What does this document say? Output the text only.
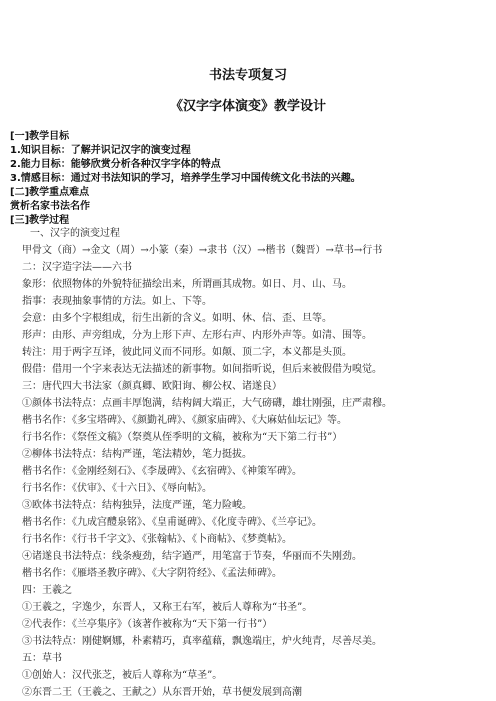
书法专项复习
《汉字字体演变》教学设计
[一]教学目标
1.知识目标：了解并识记汉字的演变过程
2.能力目标：能够欣赏分析各种汉字字体的特点
3.情感目标：通过对书法知识的学习，培养学生学习中国传统文化书法的兴趣。
[二]教学重点难点
赏析名家书法名作
[三]教学过程
一、汉字的演变过程
甲骨文（商）→金文（周）→小篆（秦）→隶书（汉）→楷书（魏晋）→草书→行书
二：汉字造字法——六书
象形：依照物体的外貌特征描绘出来，所谓画其成物。如日、月、山、马。
指事：表现抽象事情的方法。如上、下等。
会意：由多个字根组成，衍生出新的含义。如明、休、信、歪、旦等。
形声：由形、声旁组成，分为上形下声、左形右声、内形外声等。如清、围等。
转注：用于两字互译，彼此同义而不同形。如颠、顶二字，本义都是头顶。
假借：借用一个字来表达无法描述的新事物。如间指听说，但后来被假借为嗅觉。
三：唐代四大书法家（颜真卿、欧阳询、柳公权、诸遂良）
①颜体书法特点：点画丰厚饱满，结构阔大端正，大气磅礴，雄壮刚强，庄严肃穆。
楷书名作：《多宝塔碑》、《颜勤礼碑》、《颜家庙碑》、《大麻姑仙坛记》等。
行书名作：《祭侄文稿》（祭奠从侄季明的文稿，被称为“天下第二行书”）
②柳体书法特点：结构严谨，笔法精妙，笔力挺拔。
楷书名作：《金刚经刻石》、《李晟碑》、《玄宿碑》、《神策军碑》。
行书名作：《伏审》、《十六日》、《辱向帖》。
③欧体书法特点：结构独异，法度严谨，笔力险峻。
楷书名作：《九成宫醴泉铭》、《皇甫诞碑》、《化度寺碑》、《兰亭记》。
行书名作：《行书千字文》、《张翰帖》、《卜商帖》、《梦奠帖》。
④诸遂良书法特点：线条瘦劲，结字遒严，用笔富于节奏，华丽而不失刚劲。
楷书名作：《雁塔圣教序碑》、《大字阴符经》、《孟法师碑》。
四：王羲之
①王羲之，字逸少，东晋人，又称王右军，被后人尊称为“书圣”。
②代表作：《兰亭集序》（该著作被称为“天下第一行书”）
③书法特点：刚健婀娜，朴素精巧，真率蕴藉，飘逸端庄，炉火纯青，尽善尽美。
五：草书
①创始人：汉代张芝，被后人尊称为“草圣”。
②东晋二王（王羲之、王献之）从东晋开始，草书便发展到高潮
